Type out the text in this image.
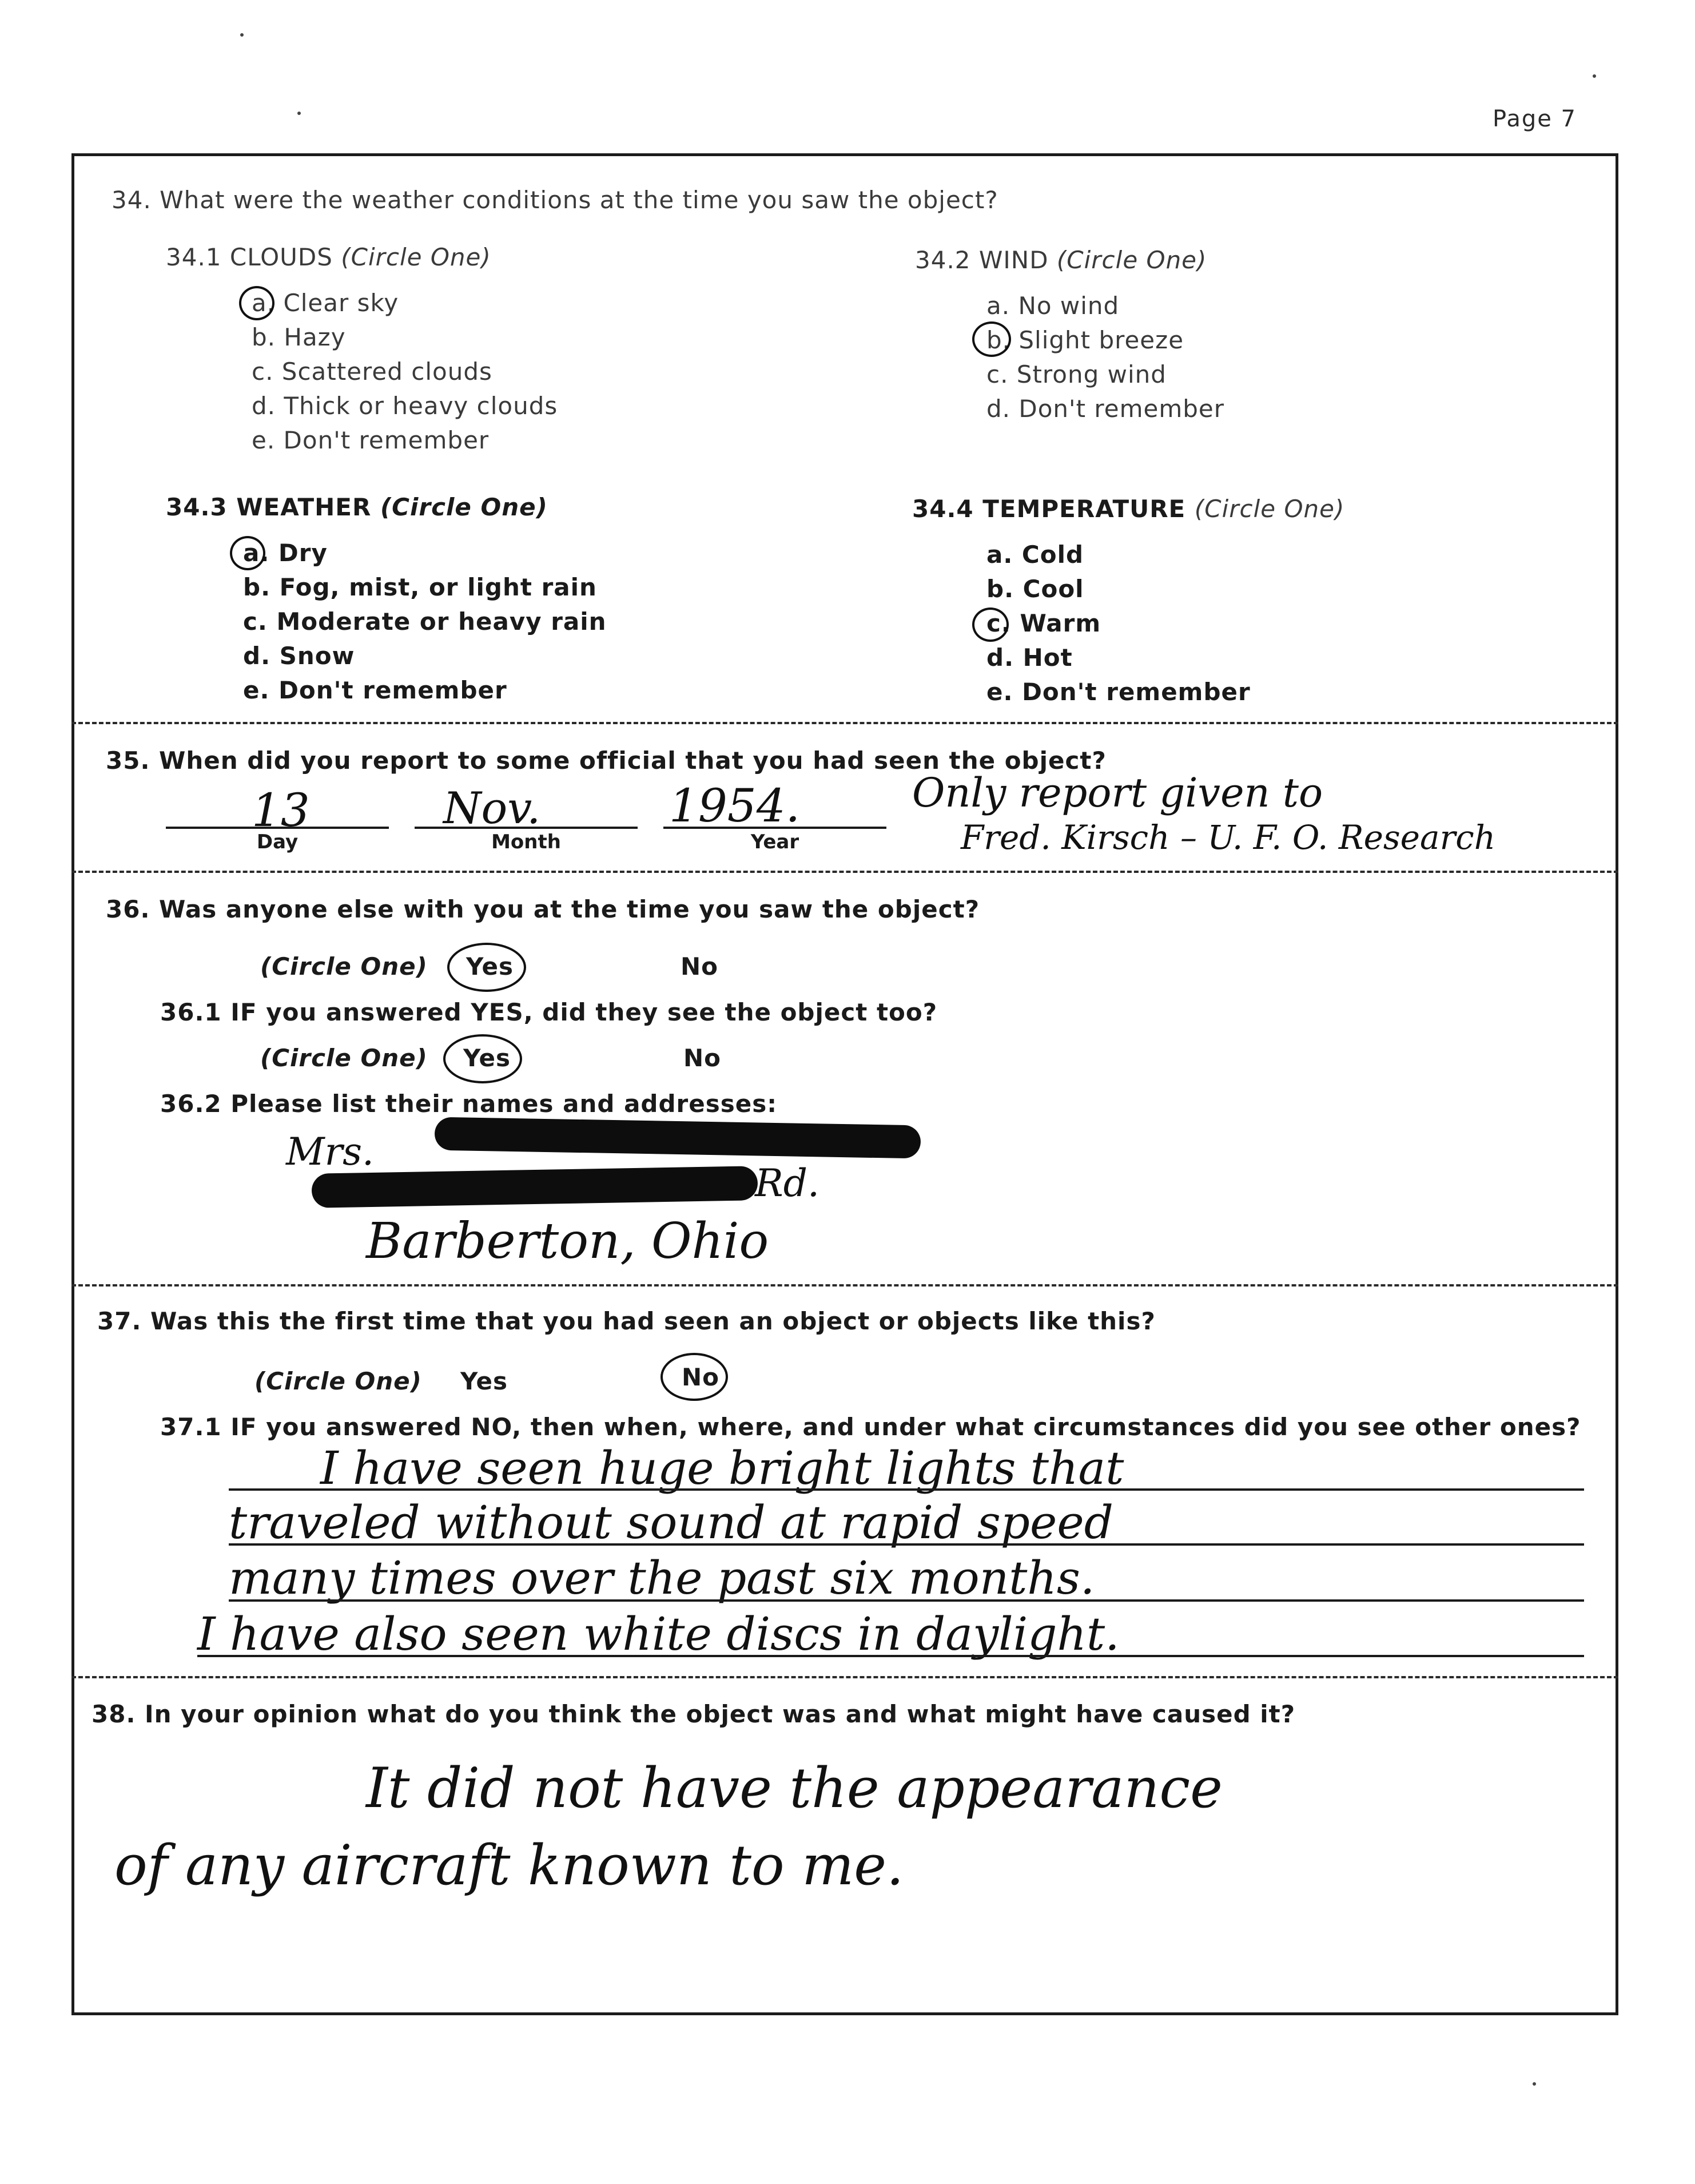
Page 7
34. What were the weather conditions at the time you saw the object?
34.1 CLOUDS (Circle One)
a. Clear sky
b. Hazy
c. Scattered clouds
d. Thick or heavy clouds
e. Don't remember
34.2 WIND (Circle One)
a. No wind
b. Slight breeze
c. Strong wind
d. Don't remember
34.3 WEATHER (Circle One)
a. Dry
b. Fog, mist, or light rain
c. Moderate or heavy rain
d. Snow
e. Don't remember
34.4 TEMPERATURE (Circle One)
a. Cold
b. Cool
c. Warm
d. Hot
e. Don't remember
35. When did you report to some official that you had seen the object?
13
Day
Nov.
Month
1954.
Year
Only report given to
Fred. Kirsch – U. F. O. Research
36. Was anyone else with you at the time you saw the object?
(Circle One) Yes	No
36.1 IF you answered YES, did they see the object too?
(Circle One) Yes	No
36.2 Please list their names and addresses:
Mrs.
Rd.
Barberton, Ohio
37. Was this the first time that you had seen an object or objects like this?
(Circle One) Yes	No
37.1 IF you answered NO, then when, where, and under what circumstances did you see other ones?
I have seen huge bright lights that
traveled without sound at rapid speed
many times over the past six months.
I have also seen white discs in daylight.
38. In your opinion what do you think the object was and what might have caused it?
It did not have the appearance
of any aircraft known to me.
